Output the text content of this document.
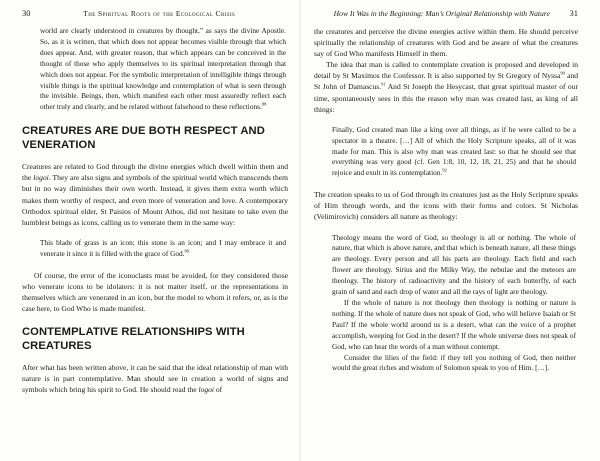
30	The Spiritual Roots of the Ecological Crisis

world are clearly understood in creatures by thought,” as says the divine Apostle. So, as it is written, that which does not appear becomes visible through that which does appear. And, with greater reason, that which appears can be conceived in the thought of those who apply themselves to its spiritual interpretation through that which does not appear. For the symbolic interpretation of intelligible things through visible things is the spiritual knowledge and contemplation of what is seen through the invisible. Beings, then, which manifest each other must assuredly reflect each other truly and clearly, and be related without falsehood to these reflections.$^{88}$

CREATURES ARE DUE BOTH RESPECT AND VENERATION

Creatures are related to God through the divine energies which dwell within them and the logoi. They are also signs and symbols of the spiritual world which transcends them but in no way diminishes their own worth. Instead, it gives them extra worth which makes them worthy of respect, and even more of veneration and love. A contemporary Orthodox spiritual elder, St Paisios of Mount Athos, did not hesitate to take even the humblest beings as icons, calling us to venerate them in the same way:

This blade of grass is an icon; this stone is an icon; and I may embrace it and venerate it since it is filled with the grace of God.$^{89}$

Of course, the error of the iconoclasts must be avoided, for they considered those who venerate icons to be idolaters: it is not matter itself, or the representations in themselves which are venerated in an icon, but the model to whom it refers, or, as is the case here, to God Who is made manifest.

CONTEMPLATIVE RELATIONSHIPS WITH CREATURES

After what has been written above, it can be said that the ideal relationship of man with nature is in part contemplative. Man should see in creation a world of signs and symbols which bring his spirit to God. He should read the logoi of

How It Was in the Beginning: Man’s Original Relationship with Nature 31

the creatures and perceive the divine energies active within them. He should perceive spiritually the relationship of creatures with God and be aware of what the creatures say of God Who manifests Himself in them.

The idea that man is called to contemplate creation is proposed and developed in detail by St Maximos the Confessor. It is also supported by St Gregory of Nyssa$^{90}$ and St John of Damascus.$^{91}$ And St Joseph the Hesycast, that great spiritual master of our time, spontaneously sees in this the reason why man was created last, as king of all things:

Finally, God created man like a king over all things, as if he were called to be a spectator in a theatre. […] All of which the Holy Scripture speaks, all of it was made for man. This is also why man was created last: so that he should see that everything was very good (cf. Gen 1:8, 10, 12, 18, 21, 25) and that he should rejoice and exult in its contemplation.$^{92}$

The creation speaks to us of God through its creatures just as the Holy Scripture speaks of Him through words, and the icons with their forms and colors. St Nicholas (Velimirovich) considers all nature as theology:

Theology means the word of God, so theology is all or nothing. The whole of nature, that which is above nature, and that which is beneath nature, all these things are theology. Every person and all his parts are theology. Each field and each flower are theology. Sirius and the Milky Way, the nebulae and the meteors are theology. The history of radioactivity and the history of each butterfly, of each grain of sand and each drop of water and all the rays of light are theology.

If the whole of nature is not theology then theology is nothing or nature is nothing. If the whole of nature does not speak of God, who will believe Isaiah or St Paul? If the whole world around us is a desert, what can the voice of a prophet accomplish, weeping for God in the desert? If the whole universe does not speak of God, who can hear the words of a man without contempt.

Consider the lilies of the field: if they tell you nothing of God, then neither would the great riches and wisdom of Solomon speak to you of Him. […].
